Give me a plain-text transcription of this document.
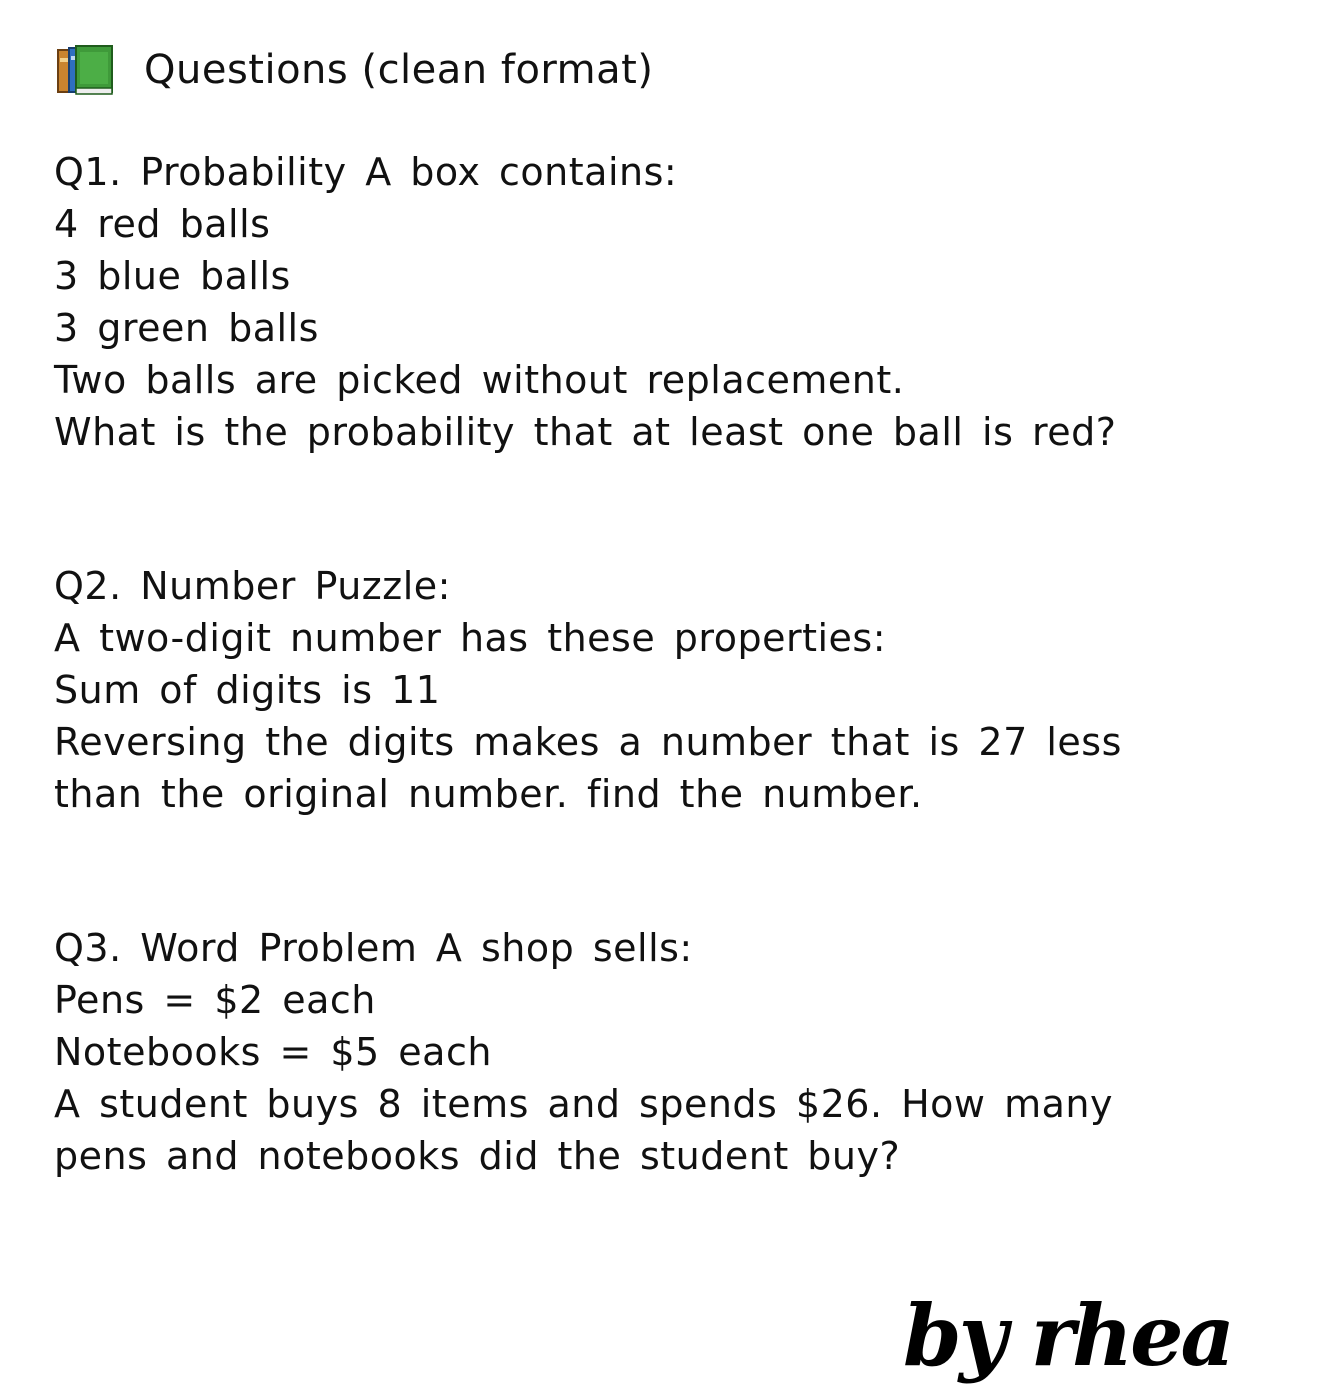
Questions (clean format)
Q1. Probability A box contains:
4 red balls
3 blue balls
3 green balls
Two balls are picked without replacement.
What is the probability that at least one ball is red?
Q2. Number Puzzle:
A two-digit number has these properties:
Sum of digits is 11
Reversing the digits makes a number that is 27 less
than the original number. find the number.
Q3. Word Problem A shop sells:
Pens = $2 each
Notebooks = $5 each
A student buys 8 items and spends $26. How many
pens and notebooks did the student buy?
by rhea
